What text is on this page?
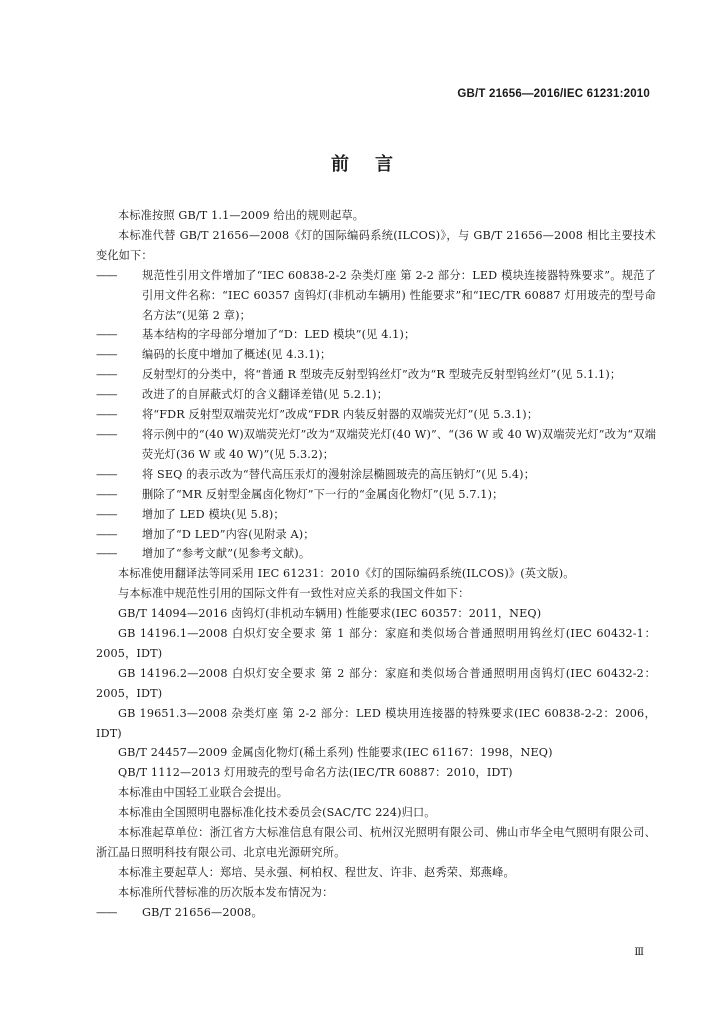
GB/T 21656—2016/IEC 61231:2010
前言

本标准按照 GB/T 1.1—2009 给出的规则起草。

本标准代替 GB/T 21656—2008《灯的国际编码系统(ILCOS)》，与 GB/T 21656—2008 相比主要技术变化如下：

—— 规范性引用文件增加了“IEC 60838-2-2 杂类灯座 第 2-2 部分：LED 模块连接器特殊要求”。规范了引用文件名称：“IEC 60357 卤钨灯(非机动车辆用) 性能要求”和“IEC/TR 60887 灯用玻壳的型号命名方法”(见第 2 章)；

—— 基本结构的字母部分增加了“D：LED 模块”(见 4.1)；

—— 编码的长度中增加了概述(见 4.3.1)；

—— 反射型灯的分类中，将“普通 R 型玻壳反射型钨丝灯”改为“R 型玻壳反射型钨丝灯”(见 5.1.1)；

—— 改进了的自屏蔽式灯的含义翻译差错(见 5.2.1)；

—— 将“FDR 反射型双端荧光灯”改成“FDR 内装反射器的双端荧光灯”(见 5.3.1)；

—— 将示例中的“(40 W)双端荧光灯”改为“双端荧光灯(40 W)”、“(36 W 或 40 W)双端荧光灯”改为“双端荧光灯(36 W 或 40 W)”(见 5.3.2)；

—— 将 SEQ 的表示改为“替代高压汞灯的漫射涂层椭圆玻壳的高压钠灯”(见 5.4)；

—— 删除了“MR 反射型金属卤化物灯”下一行的“金属卤化物灯”(见 5.7.1)；

—— 增加了 LED 模块(见 5.8)；

—— 增加了“D LED”内容(见附录 A)；

—— 增加了“参考文献”(见参考文献)。

本标准使用翻译法等同采用 IEC 61231：2010《灯的国际编码系统(ILCOS)》(英文版)。

与本标准中规范性引用的国际文件有一致性对应关系的我国文件如下：

GB/T 14094—2016 卤钨灯(非机动车辆用) 性能要求(IEC 60357：2011，NEQ)

GB 14196.1—2008 白炽灯安全要求 第 1 部分：家庭和类似场合普通照明用钨丝灯(IEC 60432-1：2005，IDT)

GB 14196.2—2008 白炽灯安全要求 第 2 部分：家庭和类似场合普通照明用卤钨灯(IEC 60432-2：2005，IDT)

GB 19651.3—2008 杂类灯座 第 2-2 部分：LED 模块用连接器的特殊要求(IEC 60838-2-2：2006，IDT)

GB/T 24457—2009 金属卤化物灯(稀土系列) 性能要求(IEC 61167：1998，NEQ)

QB/T 1112—2013 灯用玻壳的型号命名方法(IEC/TR 60887：2010，IDT)

本标准由中国轻工业联合会提出。

本标准由全国照明电器标准化技术委员会(SAC/TC 224)归口。

本标准起草单位：浙江省方大标准信息有限公司、杭州汉光照明有限公司、佛山市华全电气照明有限公司、浙江晶日照明科技有限公司、北京电光源研究所。

本标准主要起草人：郑培、吴永强、柯柏权、程世友、许非、赵秀荣、郑燕峰。

本标准所代替标准的历次版本发布情况为：

—— GB/T 21656—2008。

Ⅲ
